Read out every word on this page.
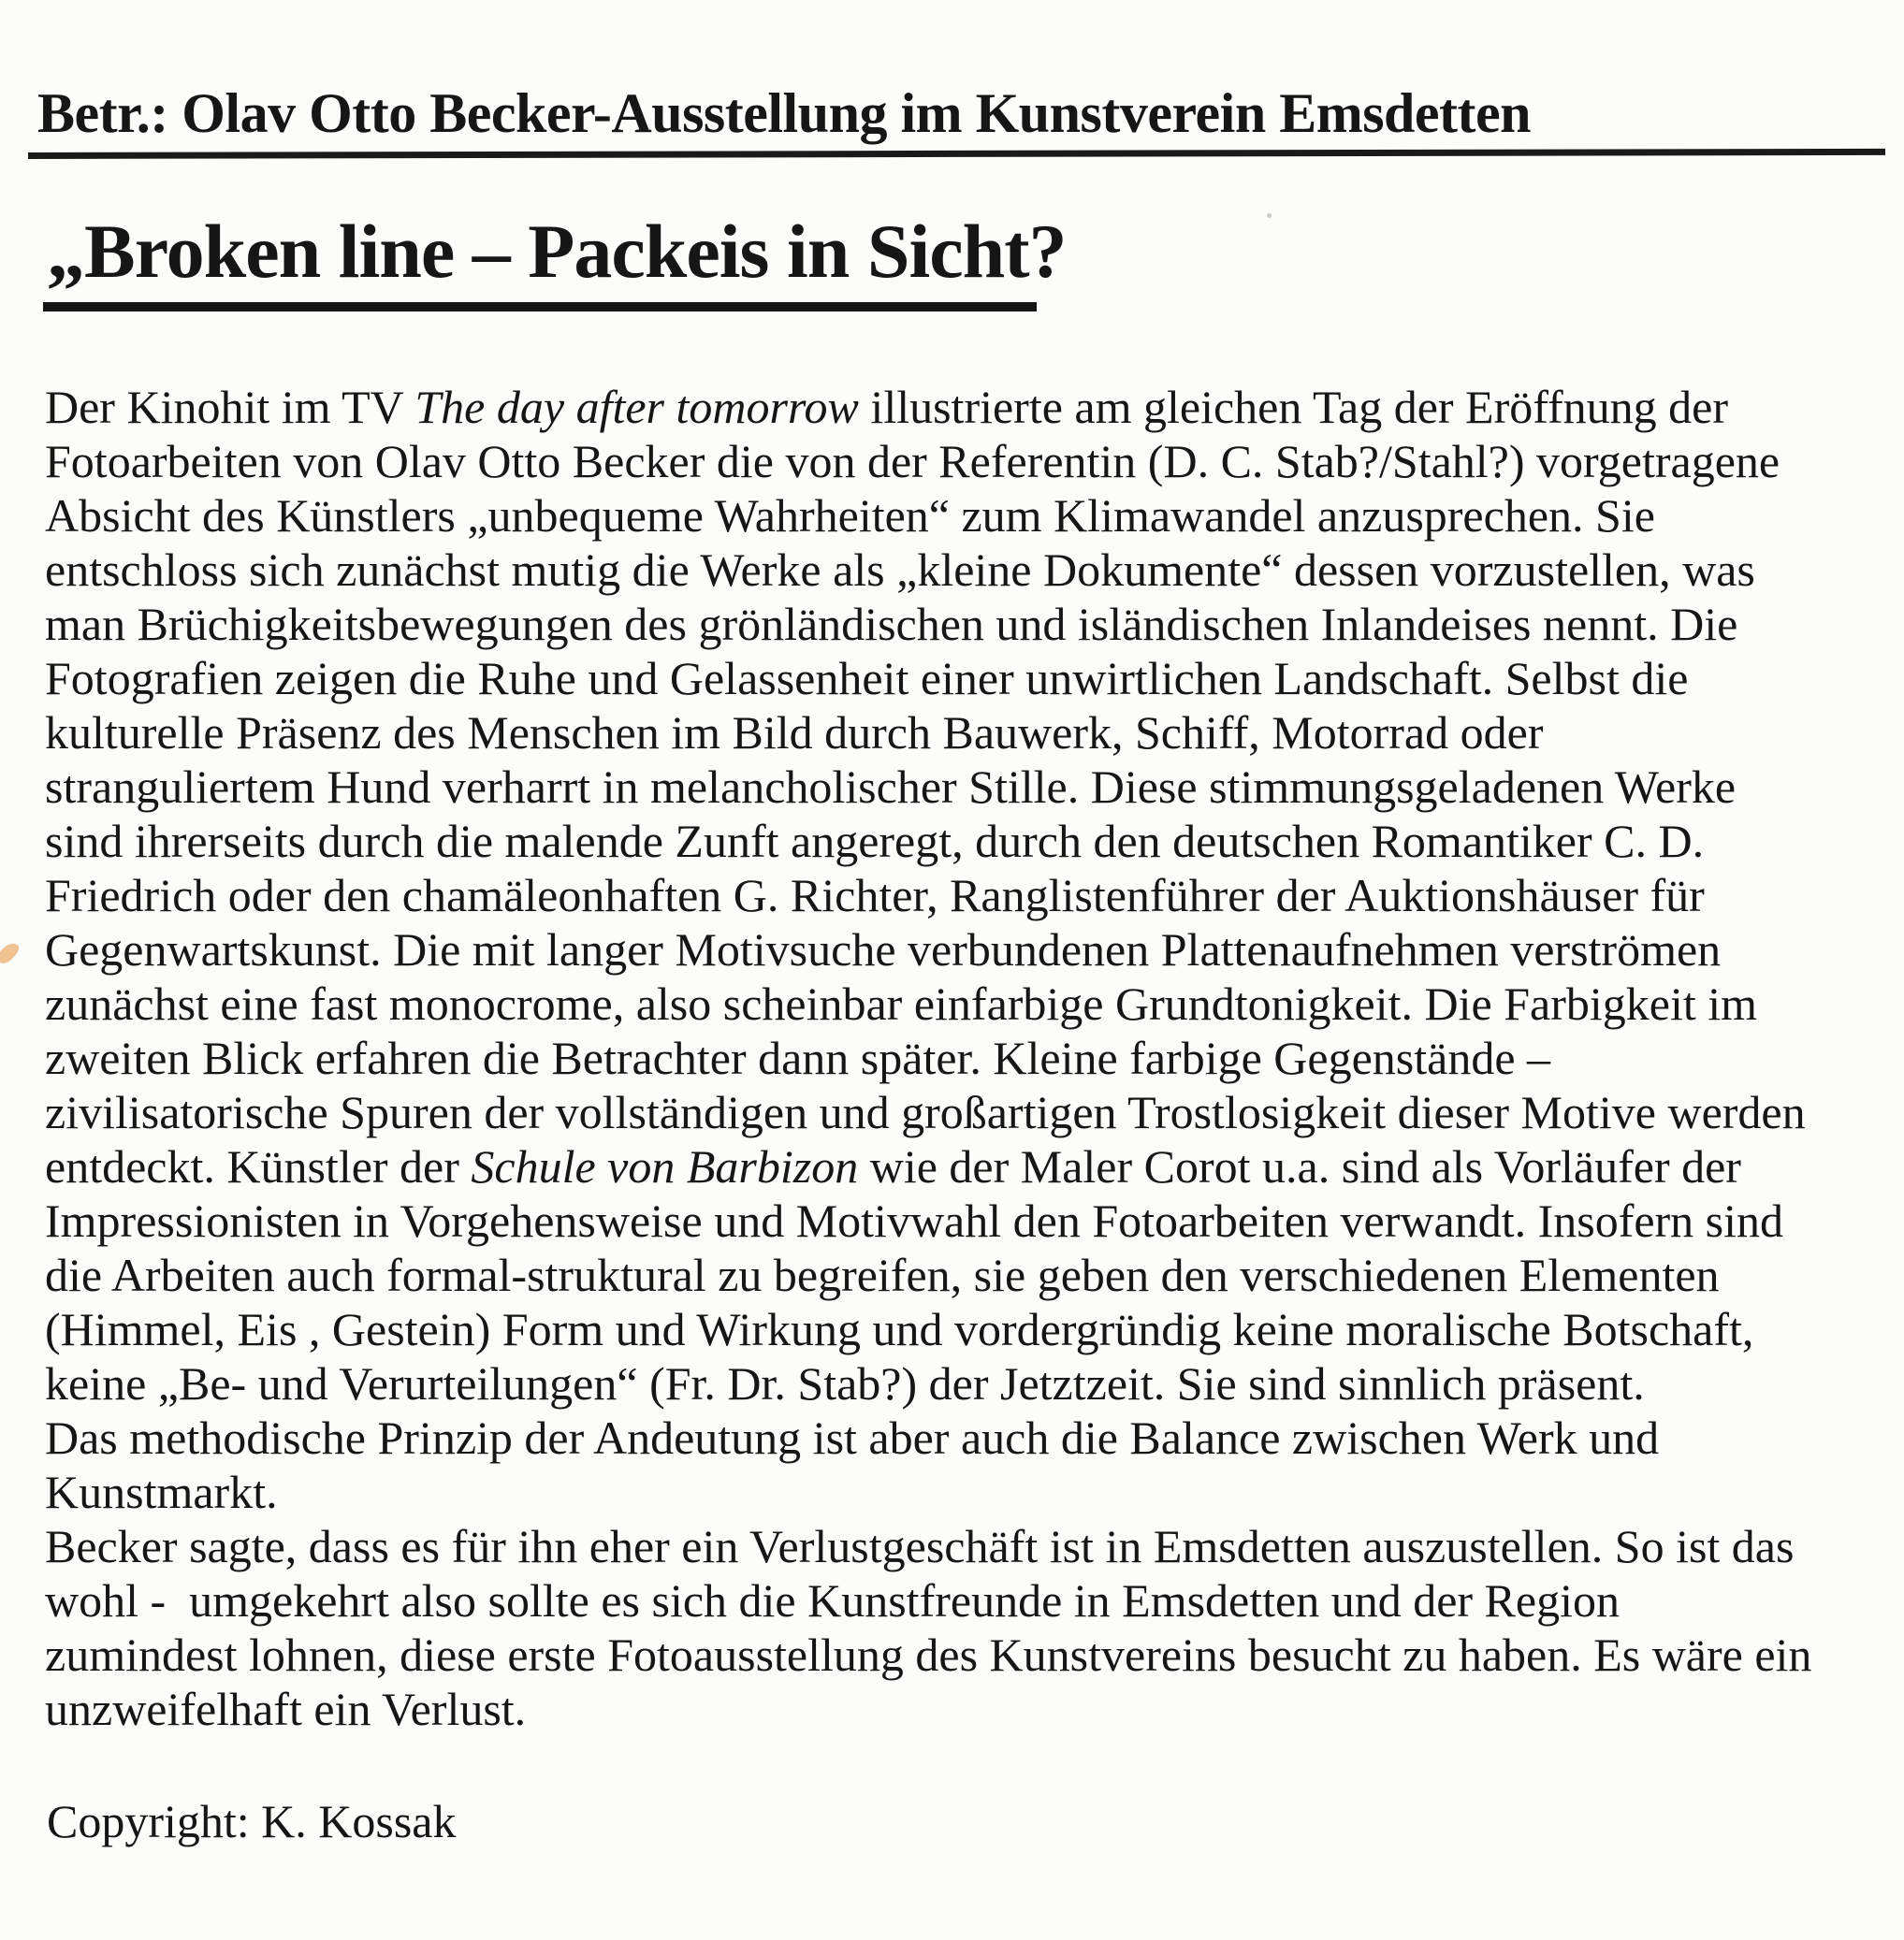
Betr.: Olav Otto Becker-Ausstellung im Kunstverein Emsdetten
„Broken line – Packeis in Sicht?
Der Kinohit im TV The day after tomorrow illustrierte am gleichen Tag der Eröffnung der
Fotoarbeiten von Olav Otto Becker die von der Referentin (D. C. Stab?/Stahl?) vorgetragene
Absicht des Künstlers „unbequeme Wahrheiten“ zum Klimawandel anzusprechen. Sie
entschloss sich zunächst mutig die Werke als „kleine Dokumente“ dessen vorzustellen, was
man Brüchigkeitsbewegungen des grönländischen und isländischen Inlandeises nennt. Die
Fotografien zeigen die Ruhe und Gelassenheit einer unwirtlichen Landschaft. Selbst die
kulturelle Präsenz des Menschen im Bild durch Bauwerk, Schiff, Motorrad oder
stranguliertem Hund verharrt in melancholischer Stille. Diese stimmungsgeladenen Werke
sind ihrerseits durch die malende Zunft angeregt, durch den deutschen Romantiker C. D.
Friedrich oder den chamäleonhaften G. Richter, Ranglistenführer der Auktionshäuser für
Gegenwartskunst. Die mit langer Motivsuche verbundenen Plattenaufnehmen verströmen
zunächst eine fast monocrome, also scheinbar einfarbige Grundtonigkeit. Die Farbigkeit im
zweiten Blick erfahren die Betrachter dann später. Kleine farbige Gegenstände –
zivilisatorische Spuren der vollständigen und großartigen Trostlosigkeit dieser Motive werden
entdeckt. Künstler der Schule von Barbizon wie der Maler Corot u.a. sind als Vorläufer der
Impressionisten in Vorgehensweise und Motivwahl den Fotoarbeiten verwandt. Insofern sind
die Arbeiten auch formal-struktural zu begreifen, sie geben den verschiedenen Elementen
(Himmel, Eis , Gestein) Form und Wirkung und vordergründig keine moralische Botschaft,
keine „Be- und Verurteilungen“ (Fr. Dr. Stab?) der Jetztzeit. Sie sind sinnlich präsent.
Das methodische Prinzip der Andeutung ist aber auch die Balance zwischen Werk und
Kunstmarkt.
Becker sagte, dass es für ihn eher ein Verlustgeschäft ist in Emsdetten auszustellen. So ist das
wohl -  umgekehrt also sollte es sich die Kunstfreunde in Emsdetten und der Region
zumindest lohnen, diese erste Fotoausstellung des Kunstvereins besucht zu haben. Es wäre ein
unzweifelhaft ein Verlust.

Copyright: K. Kossak
